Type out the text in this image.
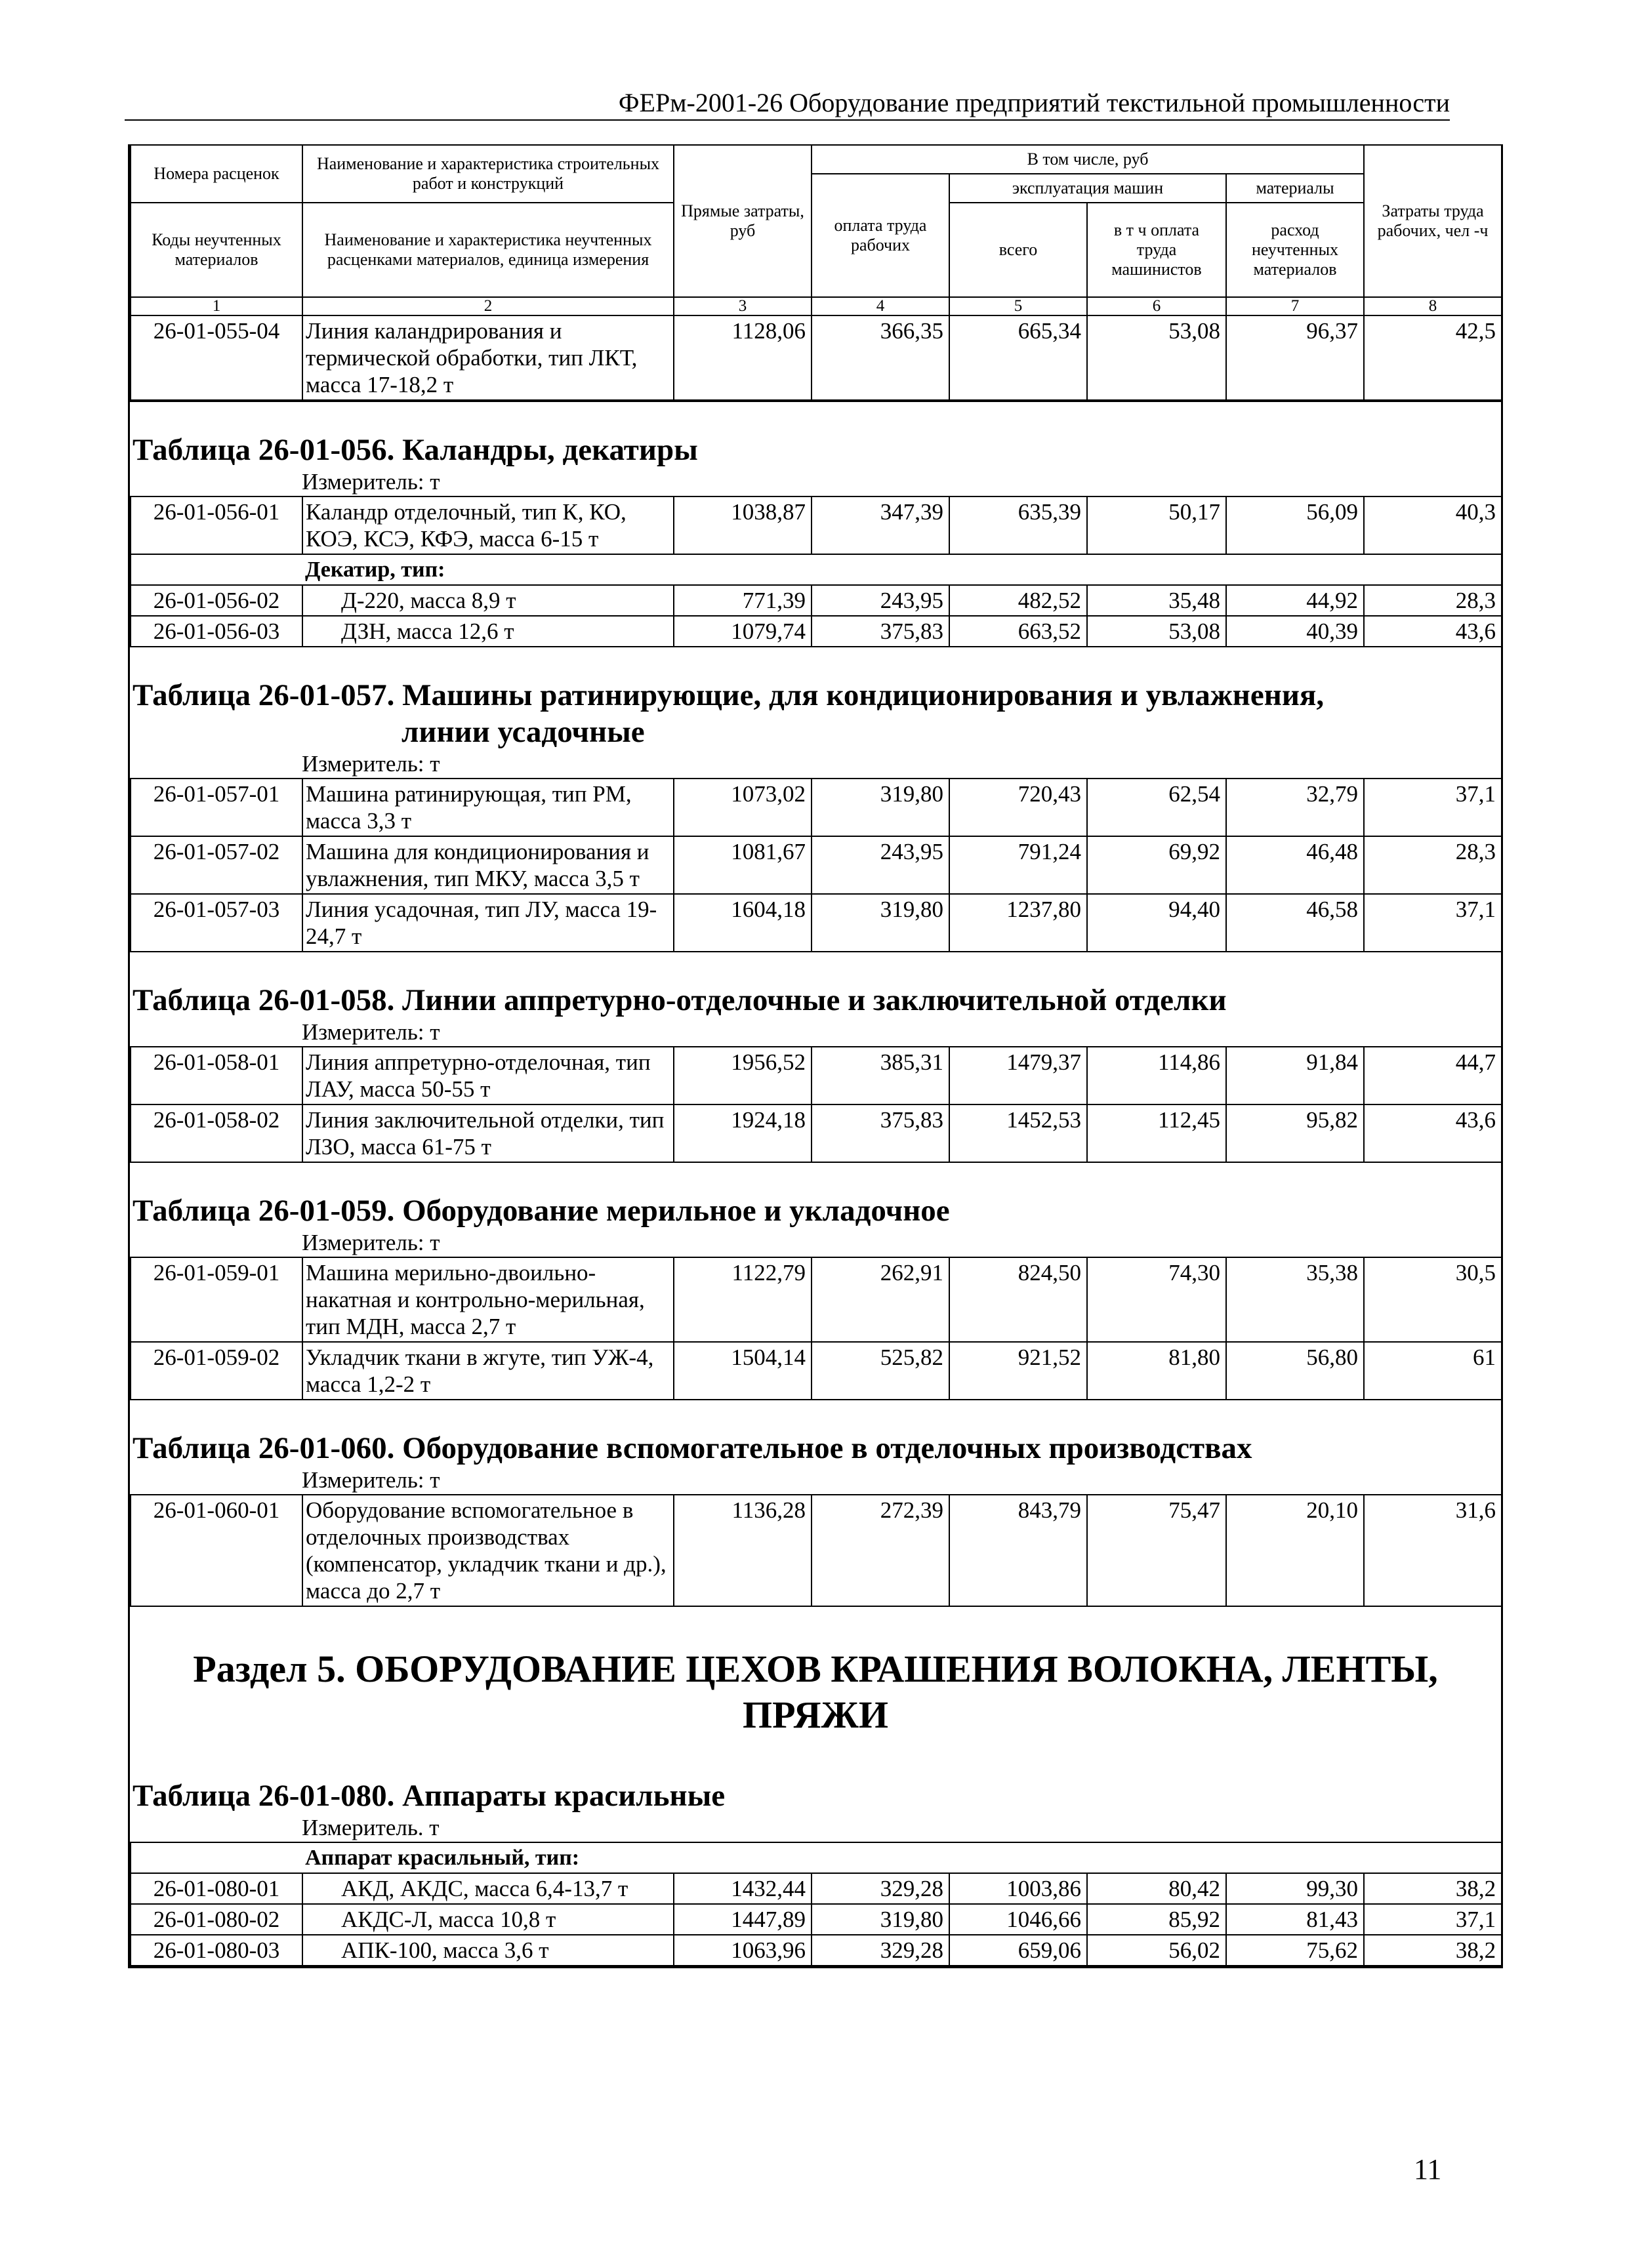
ФЕРм-2001-26 Оборудование предприятий текстильной промышленности
Номера расценок	Наименование и характеристика строительных работ и конструкций	Прямые затраты, руб	В том числе, руб				Затраты труда рабочих, чел -ч
			оплата труда рабочих	эксплуатация машин		материалы	
Коды неучтенных материалов	Наименование и характеристика неучтенных расценками материалов, единица измерения			всего	в т ч оплата труда машинистов	расход неучтенных материалов	

1	2	3	4	5	6	7	8
26-01-055-04	Линия каландрирования и термической обработки, тип ЛКТ, масса 17-18,2 т	1128,06	366,35	665,34	53,08	96,37	42,5
Таблица 26-01-056. Каландры, декатиры
Измеритель: т
26-01-056-01	Каландр отделочный, тип К, КО, КОЭ, КСЭ, КФЭ, масса 6-15 т	1038,87	347,39	635,39	50,17	56,09	40,3
	Декатир, тип:						
26-01-056-02	Д-220, масса 8,9 т	771,39	243,95	482,52	35,48	44,92	28,3
26-01-056-03	ДЗН, масса 12,6 т	1079,74	375,83	663,52	53,08	40,39	43,6
Таблица 26-01-057. Машины ратинирующие, для кондиционирования и увлажнения,
линии усадочные
Измеритель: т
26-01-057-01	Машина ратинирующая, тип РМ, масса 3,3 т	1073,02	319,80	720,43	62,54	32,79	37,1
26-01-057-02	Машина для кондиционирования и увлажнения, тип МКУ, масса 3,5 т	1081,67	243,95	791,24	69,92	46,48	28,3
26-01-057-03	Линия усадочная, тип ЛУ, масса 19-24,7 т	1604,18	319,80	1237,80	94,40	46,58	37,1
Таблица 26-01-058. Линии аппретурно-отделочные и заключительной отделки
Измеритель: т
26-01-058-01	Линия аппретурно-отделочная, тип ЛАУ, масса 50-55 т	1956,52	385,31	1479,37	114,86	91,84	44,7
26-01-058-02	Линия заключительной отделки, тип ЛЗО, масса 61-75 т	1924,18	375,83	1452,53	112,45	95,82	43,6
Таблица 26-01-059. Оборудование мерильное и укладочное
Измеритель: т
26-01-059-01	Машина мерильно-двоильно-накатная и контрольно-мерильная, тип МДН, масса 2,7 т	1122,79	262,91	824,50	74,30	35,38	30,5
26-01-059-02	Укладчик ткани в жгуте, тип УЖ-4, масса 1,2-2 т	1504,14	525,82	921,52	81,80	56,80	61
Таблица 26-01-060. Оборудование вспомогательное в отделочных производствах
Измеритель: т
26-01-060-01	Оборудование вспомогательное в отделочных производствах (компенсатор, укладчик ткани и др.), масса до 2,7 т	1136,28	272,39	843,79	75,47	20,10	31,6
Раздел 5. ОБОРУДОВАНИЕ ЦЕХОВ КРАШЕНИЯ ВОЛОКНА, ЛЕНТЫ,
ПРЯЖИ
Таблица 26-01-080. Аппараты красильные
Измеритель. т
	Аппарат красильный, тип:						
26-01-080-01	АКД, АКДС, масса 6,4-13,7 т	1432,44	329,28	1003,86	80,42	99,30	38,2
26-01-080-02	АКДС-Л, масса 10,8 т	1447,89	319,80	1046,66	85,92	81,43	37,1
26-01-080-03	АПК-100, масса 3,6 т	1063,96	329,28	659,06	56,02	75,62	38,2
11
